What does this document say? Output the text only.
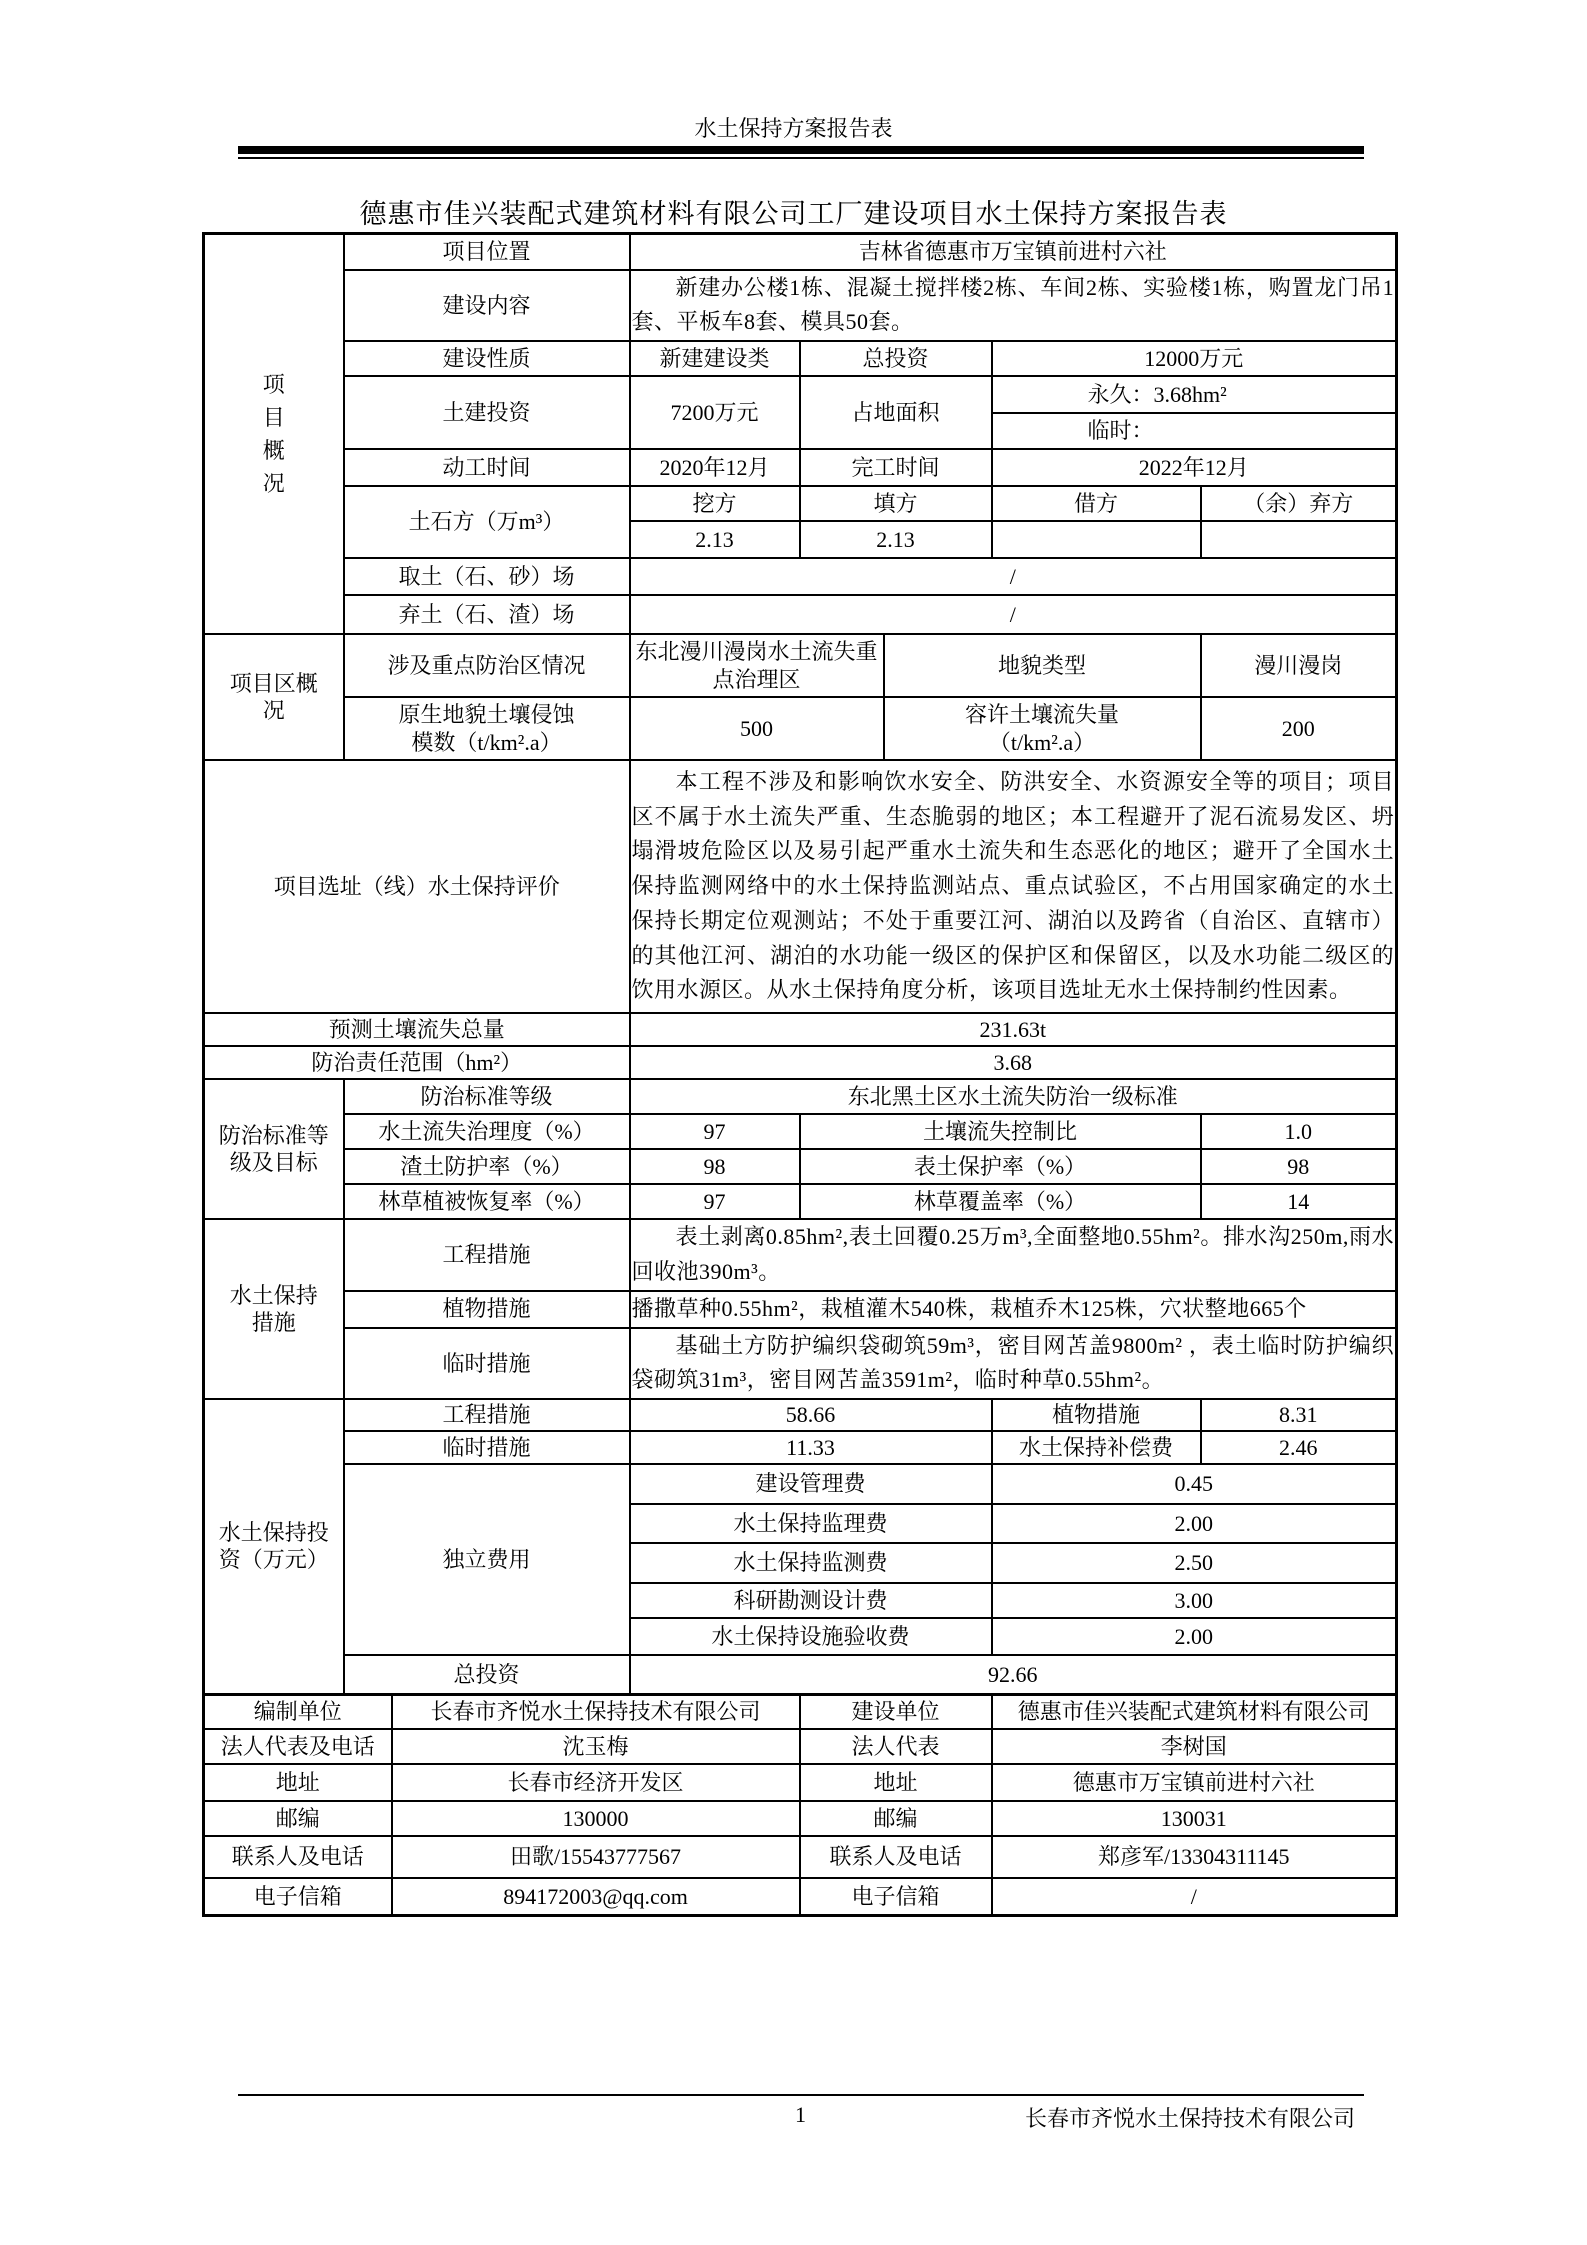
水土保持方案报告表
德惠市佳兴装配式建筑材料有限公司工厂建设项目水土保持方案报告表
项目概况	项目位置		吉林省德惠市万宝镇前进村六社				
	建设内容		新建办公楼1栋、混凝土搅拌楼2栋、车间2栋、实验楼1栋，购置龙门吊1套、平板车8套、模具50套。				
	建设性质		新建建设类	总投资		12000万元	
	土建投资		7200万元	占地面积		永久：3.68hm²	
						临时：	
	动工时间		2020年12月	完工时间		2022年12月	
	土石方（万m³）		挖方	填方		借方	（余）弃方
			2.13	2.13			
	取土（石、砂）场		/				
	弃土（石、渣）场		/				

项目区概况	涉及重点防治区情况		东北漫川漫岗水土流失重点治理区		地貌类型		漫川漫岗

	原生地貌土壤侵蚀模数（t/km².a）		500		容许土壤流失量（t/km².a）		200
项目选址（线）水土保持评价			本工程不涉及和影响饮水安全、防洪安全、水资源安全等的项目；项目区不属于水土流失严重、生态脆弱的地区；本工程避开了泥石流易发区、坍塌滑坡危险区以及易引起严重水土流失和生态恶化的地区；避开了全国水土保持监测网络中的水土保持监测站点、重点试验区，不占用国家确定的水土保持长期定位观测站；不处于重要江河、湖泊以及跨省（自治区、直辖市）的其他江河、湖泊的水功能一级区的保护区和保留区，以及水功能二级区的饮用水源区。从水土保持角度分析，该项目选址无水土保持制约性因素。				
预测土壤流失总量			231.63t				
防治责任范围（hm²）			3.68				

防治标准等级及目标	防治标准等级		东北黑土区水土流失防治一级标准				
	水土流失治理度（%）		97	土壤流失控制比			1.0
	渣土防护率（%）		98	表土保护率（%）			98
	林草植被恢复率（%）		97	林草覆盖率（%）			14

水土保持措施	工程措施		表土剥离0.85hm²,表土回覆0.25万m³,全面整地0.55hm²。排水沟250m,雨水回收池390m³。				
	植物措施		播撒草种0.55hm²，栽植灌木540株，栽植乔木125株，穴状整地665个				
	临时措施		基础土方防护编织袋砌筑59m³，密目网苫盖9800m² ，表土临时防护编织袋砌筑31m³，密目网苫盖3591m²，临时种草0.55hm²。				

水土保持投资（万元）	工程措施		58.66			植物措施	8.31
	临时措施		11.33			水土保持补偿费	2.46
	独立费用		建设管理费			0.45	
			水土保持监理费			2.00	
			水土保持监测费			2.50	
			科研勘测设计费			3.00	
			水土保持设施验收费			2.00	
	总投资		92.66				
编制单位		长春市齐悦水土保持技术有限公司		建设单位		德惠市佳兴装配式建筑材料有限公司	
法人代表及电话		沈玉梅		法人代表		李树国	
地址		长春市经济开发区		地址		德惠市万宝镇前进村六社	
邮编		130000		邮编		130031	
联系人及电话		田歌/15543777567		联系人及电话		郑彦军/13304311145	
电子信箱		894172003@qq.com		电子信箱		/	
1	长春市齐悦水土保持技术有限公司
